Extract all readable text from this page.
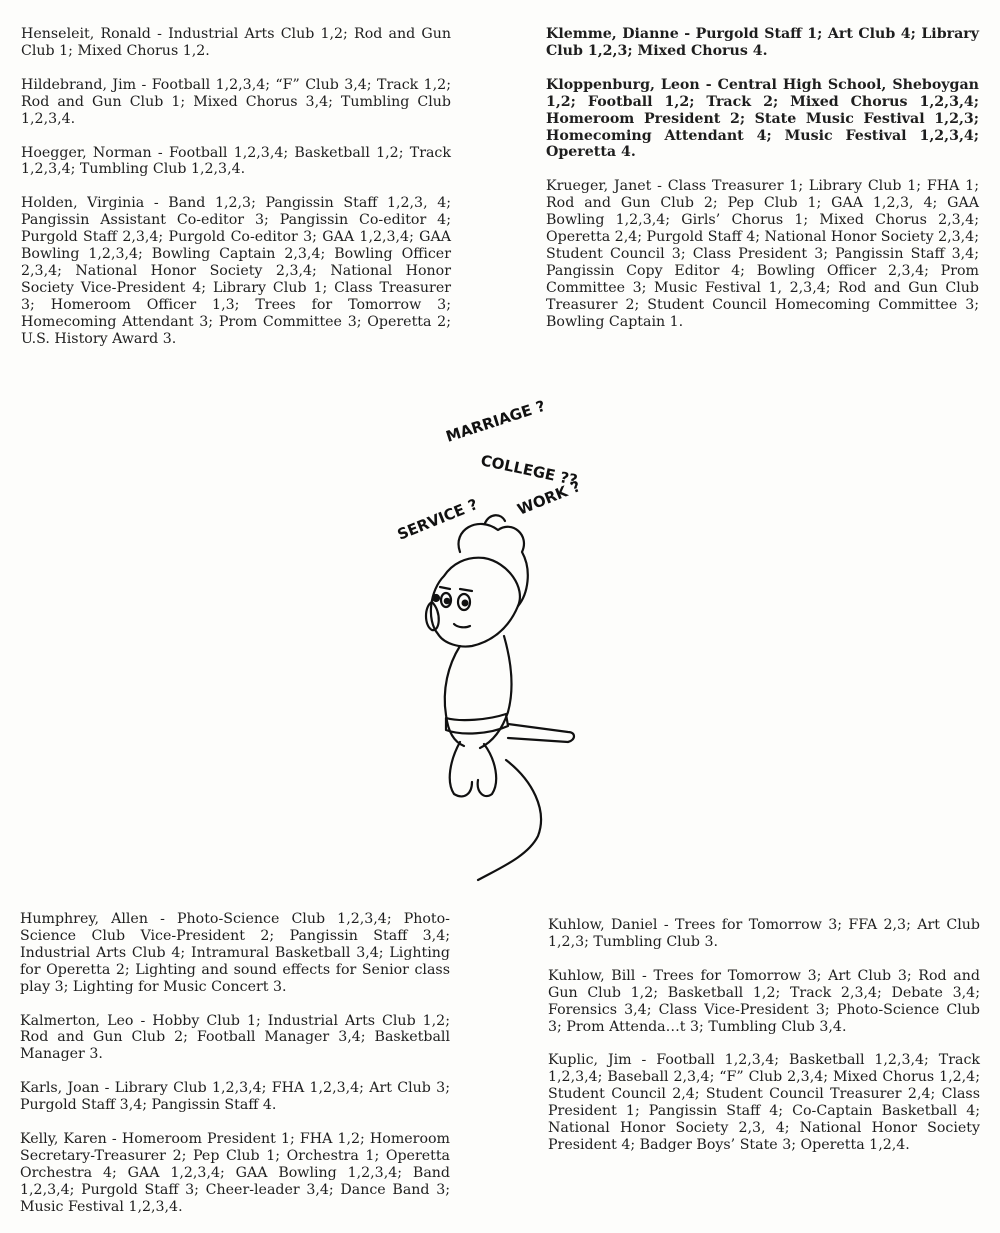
Henseleit, Ronald - Industrial Arts Club 1,2; Rod and Gun Club 1; Mixed Chorus 1,2.

Hildebrand, Jim - Football 1,2,3,4; “F” Club 3,4; Track 1,2; Rod and Gun Club 1; Mixed Chorus 3,4; Tumbling Club 1,2,3,4.

Hoegger, Norman - Football 1,2,3,4; Basketball 1,2; Track 1,2,3,4; Tumbling Club 1,2,3,4.

Holden, Virginia - Band 1,2,3; Pangissin Staff 1,2,3, 4; Pangissin Assistant Co-editor 3; Pangissin Co-editor 4; Purgold Staff 2,3,4; Purgold Co-editor 3; GAA 1,2,3,4; GAA Bowling 1,2,3,4; Bowling Captain 2,3,4; Bowling Officer 2,3,4; National Honor Society 2,3,4; National Honor Society Vice-President 4; Library Club 1; Class Treasurer 3; Homeroom Officer 1,3; Trees for Tomorrow 3; Homecoming Attendant 3; Prom Committee 3; Operetta 2; U.S. History Award 3.

Klemme, Dianne - Purgold Staff 1; Art Club 4; Library Club 1,2,3; Mixed Chorus 4.

Kloppenburg, Leon - Central High School, Sheboygan 1,2; Football 1,2; Track 2; Mixed Chorus 1,2,3,4; Homeroom President 2; State Music Festival 1,2,3; Homecoming Attendant 4; Music Festival 1,2,3,4; Operetta 4.

Krueger, Janet - Class Treasurer 1; Library Club 1; FHA 1; Rod and Gun Club 2; Pep Club 1; GAA 1,2,3, 4; GAA Bowling 1,2,3,4; Girls’ Chorus 1; Mixed Chorus 2,3,4; Operetta 2,4; Purgold Staff 4; National Honor Society 2,3,4; Student Council 3; Class President 3; Pangissin Staff 3,4; Pangissin Copy Editor 4; Bowling Officer 2,3,4; Prom Committee 3; Music Festival 1, 2,3,4; Rod and Gun Club Treasurer 2; Student Council Homecoming Committee 3; Bowling Captain 1.

MARRIAGE ?
COLLEGE ??
SERVICE ? WORK ?

Humphrey, Allen - Photo-Science Club 1,2,3,4; Photo-Science Club Vice-President 2; Pangissin Staff 3,4; Industrial Arts Club 4; Intramural Basketball 3,4; Lighting for Operetta 2; Lighting and sound effects for Senior class play 3; Lighting for Music Concert 3.

Kalmerton, Leo - Hobby Club 1; Industrial Arts Club 1,2; Rod and Gun Club 2; Football Manager 3,4; Basketball Manager 3.

Karls, Joan - Library Club 1,2,3,4; FHA 1,2,3,4; Art Club 3; Purgold Staff 3,4; Pangissin Staff 4.

Kelly, Karen - Homeroom President 1; FHA 1,2; Homeroom Secretary-Treasurer 2; Pep Club 1; Orchestra 1; Operetta Orchestra 4; GAA 1,2,3,4; GAA Bowling 1,2,3,4; Band 1,2,3,4; Purgold Staff 3; Cheer-leader 3,4; Dance Band 3; Music Festival 1,2,3,4.

Kuhlow, Daniel - Trees for Tomorrow 3; FFA 2,3; Art Club 1,2,3; Tumbling Club 3.

Kuhlow, Bill - Trees for Tomorrow 3; Art Club 3; Rod and Gun Club 1,2; Basketball 1,2; Track 2,3,4; Debate 3,4; Forensics 3,4; Class Vice-President 3; Photo-Science Club 3; Prom Attenda…t 3; Tumbling Club 3,4.

Kuplic, Jim - Football 1,2,3,4; Basketball 1,2,3,4; Track 1,2,3,4; Baseball 2,3,4; “F” Club 2,3,4; Mixed Chorus 1,2,4; Student Council 2,4; Student Council Treasurer 2,4; Class President 1; Pangissin Staff 4; Co-Captain Basketball 4; National Honor Society 2,3, 4; National Honor Society President 4; Badger Boys’ State 3; Operetta 1,2,4.
